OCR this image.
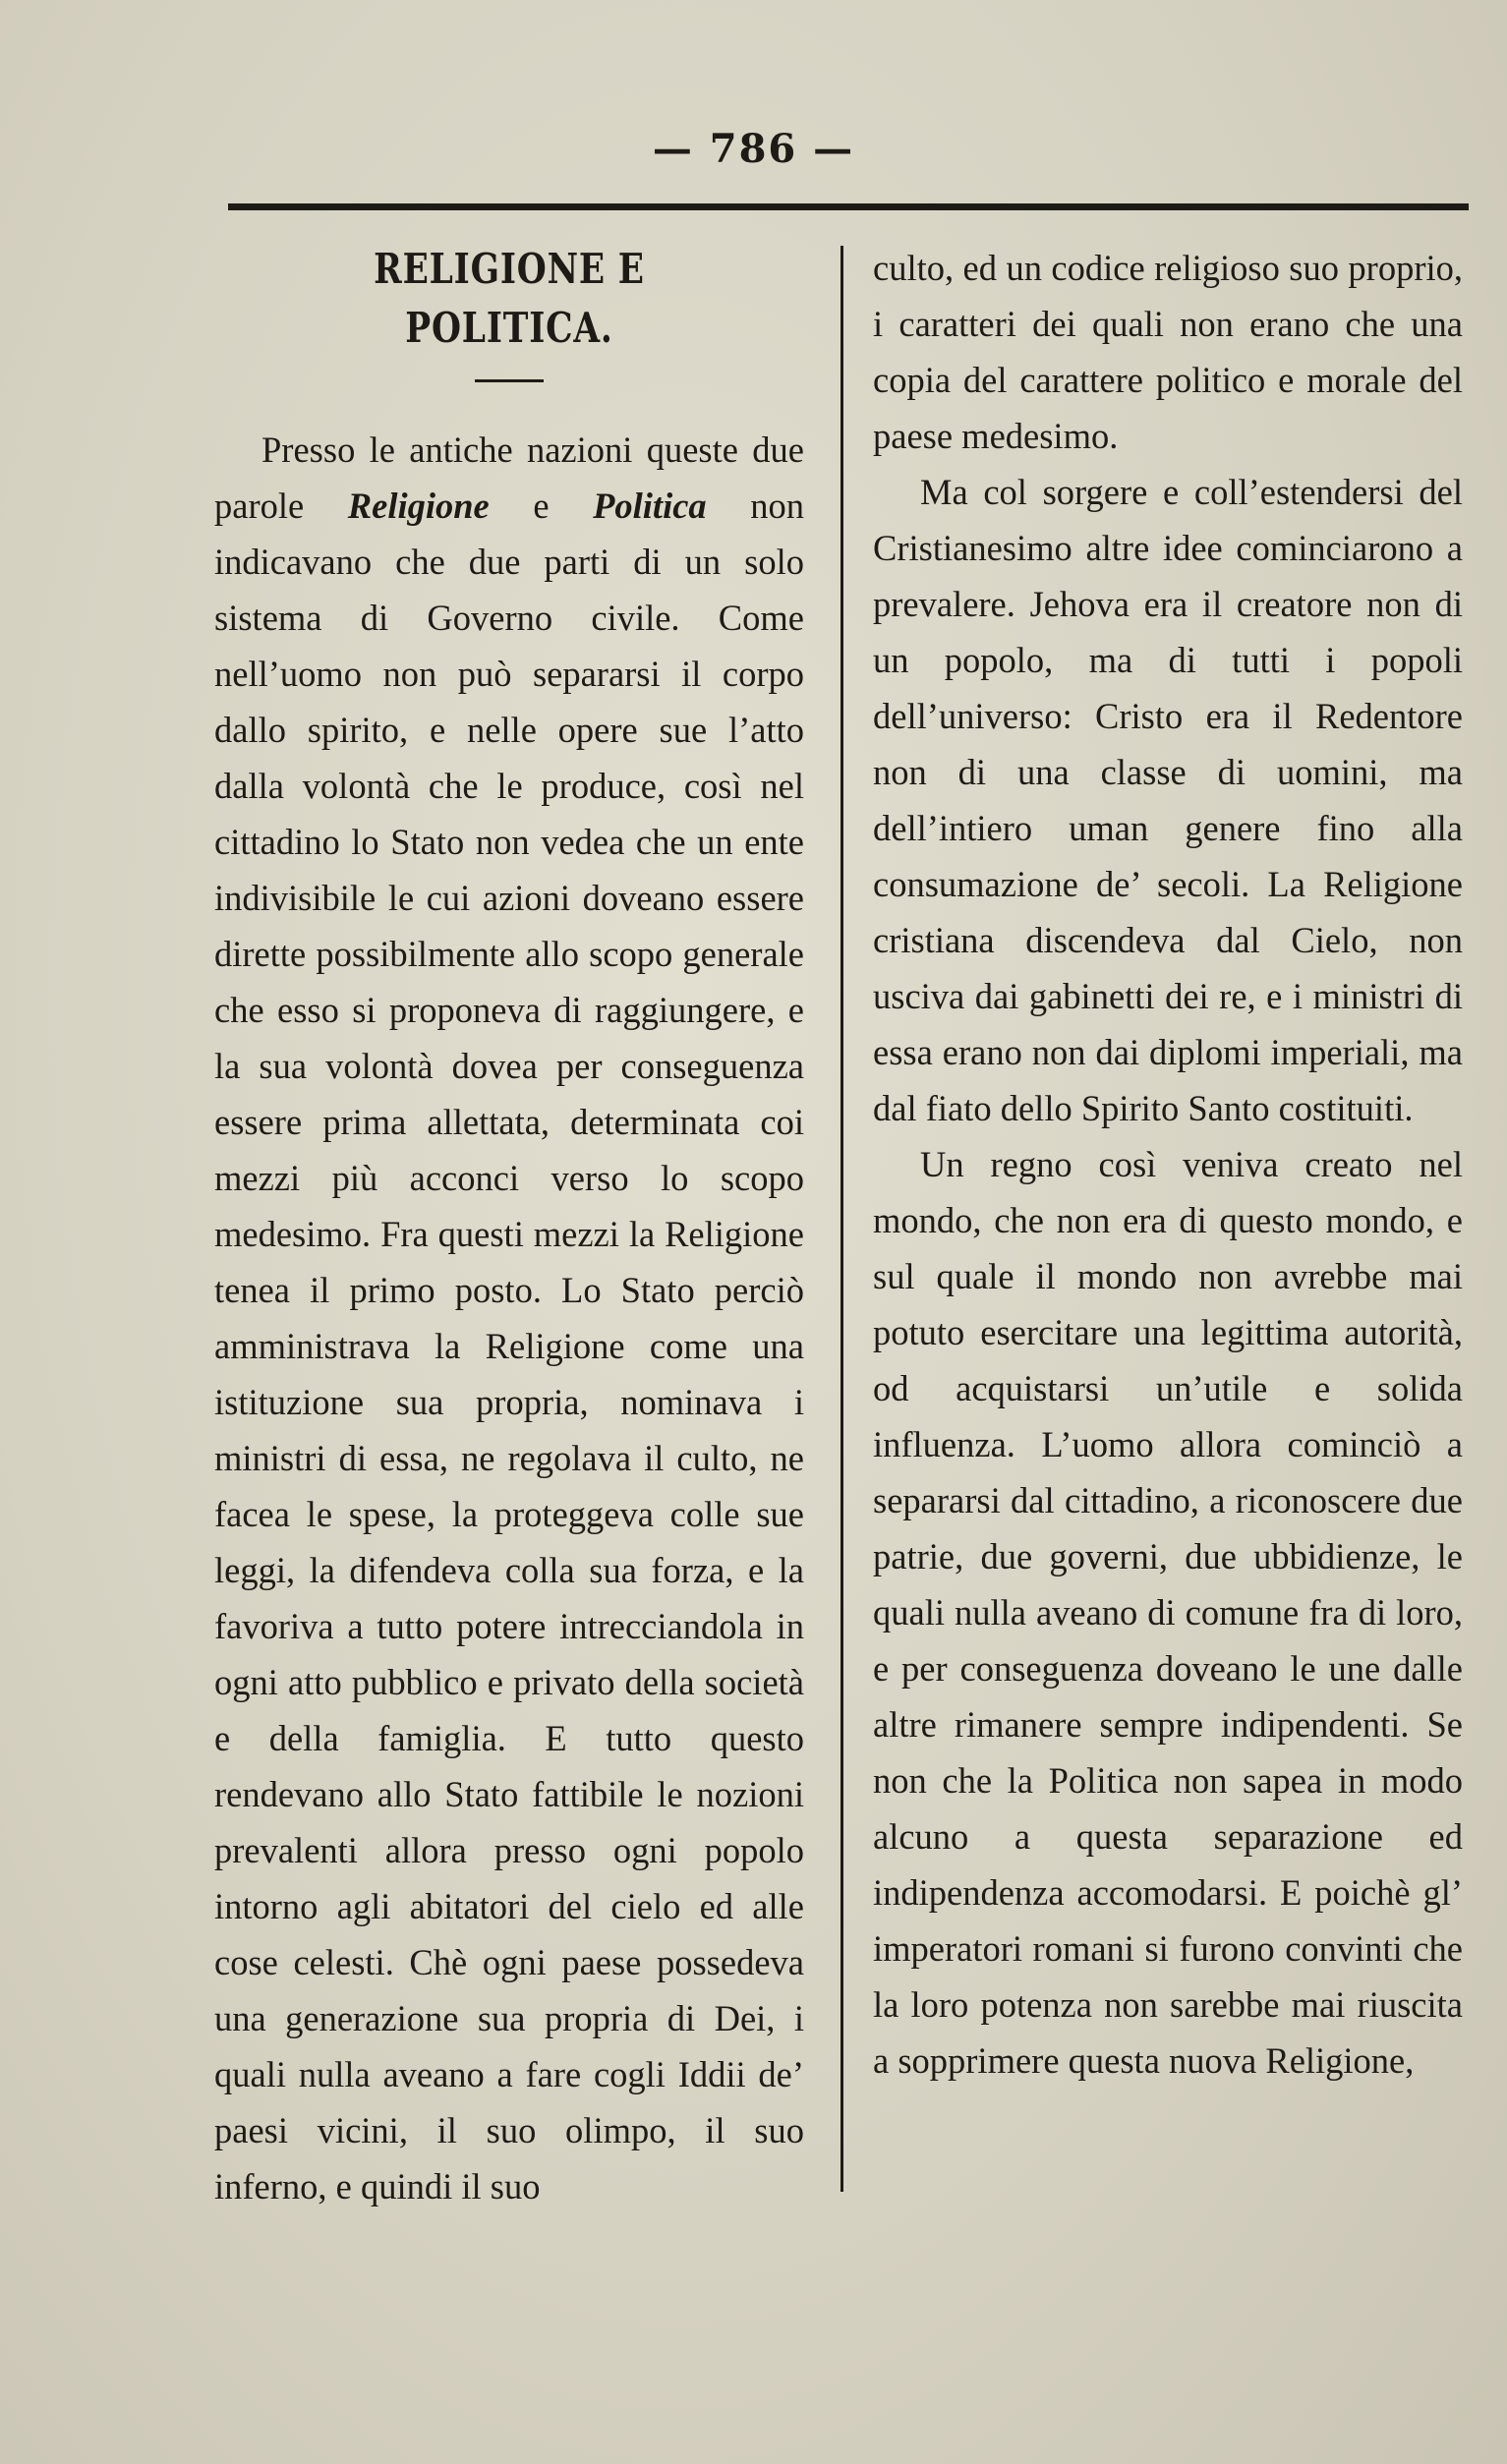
— 786 —
RELIGIONE E POLITICA.

Presso le antiche nazioni queste due parole Religione e Politica non indicavano che due parti di un solo sistema di Governo civile. Come nell’uomo non può separarsi il corpo dallo spirito, e nelle opere sue l’atto dalla volontà che le produce, così nel cittadino lo Stato non vedea che un ente indivisibile le cui azioni doveano essere dirette possibilmente allo scopo generale che esso si proponeva di raggiungere, e la sua volontà dovea per conseguenza essere prima allettata, determinata coi mezzi più acconci verso lo scopo medesimo. Fra questi mezzi la Religione tenea il primo posto. Lo Stato perciò amministrava la Religione come una istituzione sua propria, nominava i ministri di essa, ne regolava il culto, ne facea le spese, la proteggeva colle sue leggi, la difendeva colla sua forza, e la favoriva a tutto potere intrecciandola in ogni atto pubblico e privato della società e della famiglia. E tutto questo rendevano allo Stato fattibile le nozioni prevalenti allora presso ogni popolo intorno agli abitatori del cielo ed alle cose celesti. Chè ogni paese possedeva una generazione sua propria di Dei, i quali nulla aveano a fare cogli Iddii de’ paesi vicini, il suo olimpo, il suo inferno, e quindi il suo

culto, ed un codice religioso suo proprio, i caratteri dei quali non erano che una copia del carattere politico e morale del paese medesimo.

Ma col sorgere e coll’estendersi del Cristianesimo altre idee cominciarono a prevalere. Jehova era il creatore non di un popolo, ma di tutti i popoli dell’universo: Cristo era il Redentore non di una classe di uomini, ma dell’intiero uman genere fino alla consumazione de’ secoli. La Religione cristiana discendeva dal Cielo, non usciva dai gabinetti dei re, e i ministri di essa erano non dai diplomi imperiali, ma dal fiato dello Spirito Santo costituiti.

Un regno così veniva creato nel mondo, che non era di questo mondo, e sul quale il mondo non avrebbe mai potuto esercitare una legittima autorità, od acquistarsi un’utile e solida influenza. L’uomo allora cominciò a separarsi dal cittadino, a riconoscere due patrie, due governi, due ubbidienze, le quali nulla aveano di comune fra di loro, e per conseguenza doveano le une dalle altre rimanere sempre indipendenti. Se non che la Politica non sapea in modo alcuno a questa separazione ed indipendenza accomodarsi. E poichè gl’ imperatori romani si furono convinti che la loro potenza non sarebbe mai riuscita a sopprimere questa nuova Religione,
